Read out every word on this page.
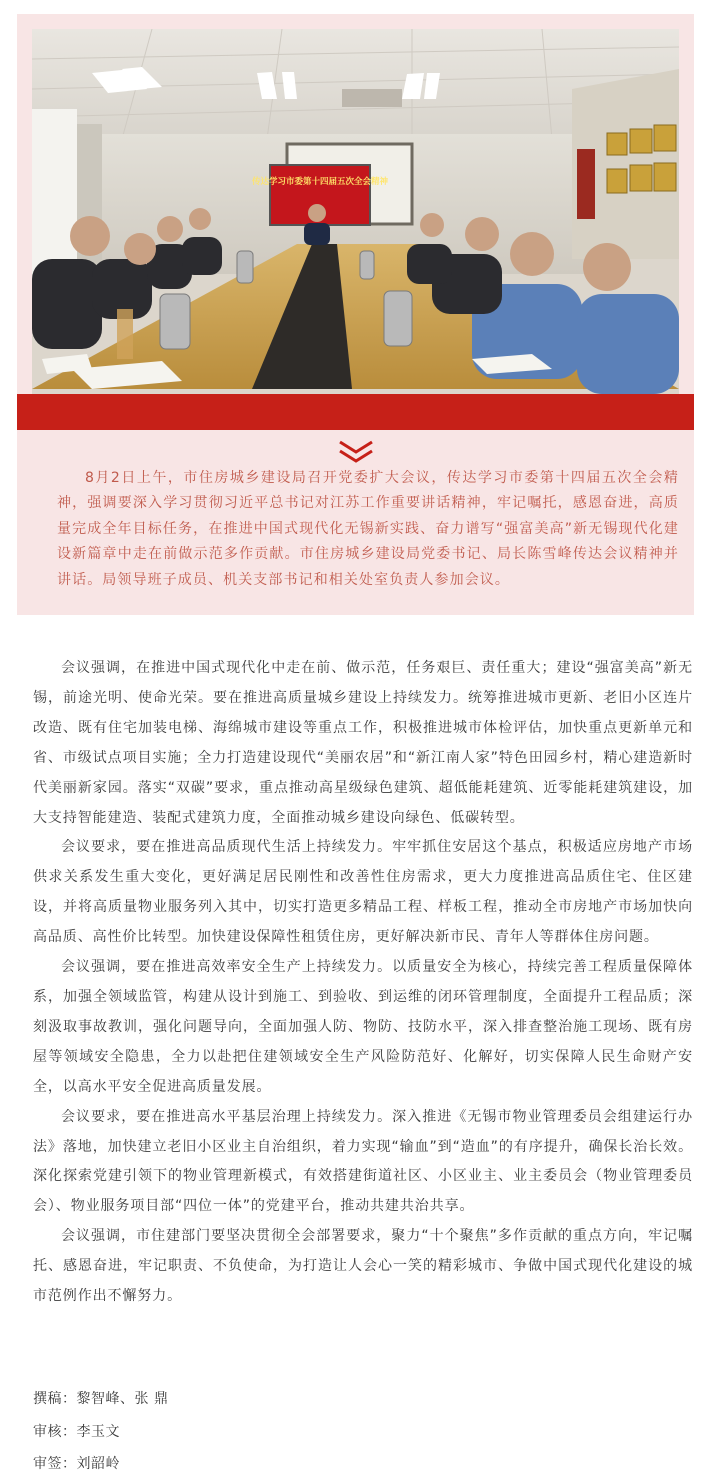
传达学习市委第十四届五次全会精神

8月2日上午，市住房城乡建设局召开党委扩大会议，传达学习市委第十四届五次全会精神，强调要深入学习贯彻习近平总书记对江苏工作重要讲话精神，牢记嘱托，感恩奋进，高质量完成全年目标任务，在推进中国式现代化无锡新实践、奋力谱写“强富美高”新无锡现代化建设新篇章中走在前做示范多作贡献。市住房城乡建设局党委书记、局长陈雪峰传达会议精神并讲话。局领导班子成员、机关支部书记和相关处室负责人参加会议。

会议强调，在推进中国式现代化中走在前、做示范，任务艰巨、责任重大；建设“强富美高”新无锡，前途光明、使命光荣。要在推进高质量城乡建设上持续发力。统筹推进城市更新、老旧小区连片改造、既有住宅加装电梯、海绵城市建设等重点工作，积极推进城市体检评估，加快重点更新单元和省、市级试点项目实施；全力打造建设现代“美丽农居”和“新江南人家”特色田园乡村，精心建造新时代美丽新家园。落实“双碳”要求，重点推动高星级绿色建筑、超低能耗建筑、近零能耗建筑建设，加大支持智能建造、装配式建筑力度，全面推动城乡建设向绿色、低碳转型。

会议要求，要在推进高品质现代生活上持续发力。牢牢抓住安居这个基点，积极适应房地产市场供求关系发生重大变化，更好满足居民刚性和改善性住房需求，更大力度推进高品质住宅、住区建设，并将高质量物业服务列入其中，切实打造更多精品工程、样板工程，推动全市房地产市场加快向高品质、高性价比转型。加快建设保障性租赁住房，更好解决新市民、青年人等群体住房问题。

会议强调，要在推进高效率安全生产上持续发力。以质量安全为核心，持续完善工程质量保障体系，加强全领域监管，构建从设计到施工、到验收、到运维的闭环管理制度，全面提升工程品质；深刻汲取事故教训，强化问题导向，全面加强人防、物防、技防水平，深入排查整治施工现场、既有房屋等领域安全隐患，全力以赴把住建领域安全生产风险防范好、化解好，切实保障人民生命财产安全，以高水平安全促进高质量发展。

会议要求，要在推进高水平基层治理上持续发力。深入推进《无锡市物业管理委员会组建运行办法》落地，加快建立老旧小区业主自治组织，着力实现“输血”到“造血”的有序提升，确保长治长效。深化探索党建引领下的物业管理新模式，有效搭建街道社区、小区业主、业主委员会（物业管理委员会）、物业服务项目部“四位一体”的党建平台，推动共建共治共享。

会议强调，市住建部门要坚决贯彻全会部署要求，聚力“十个聚焦”多作贡献的重点方向，牢记嘱托、感恩奋进，牢记职责、不负使命，为打造让人会心一笑的精彩城市、争做中国式现代化建设的城市范例作出不懈努力。

撰稿：黎智峰、张 鼎
审核：李玉文
审签：刘韶岭
